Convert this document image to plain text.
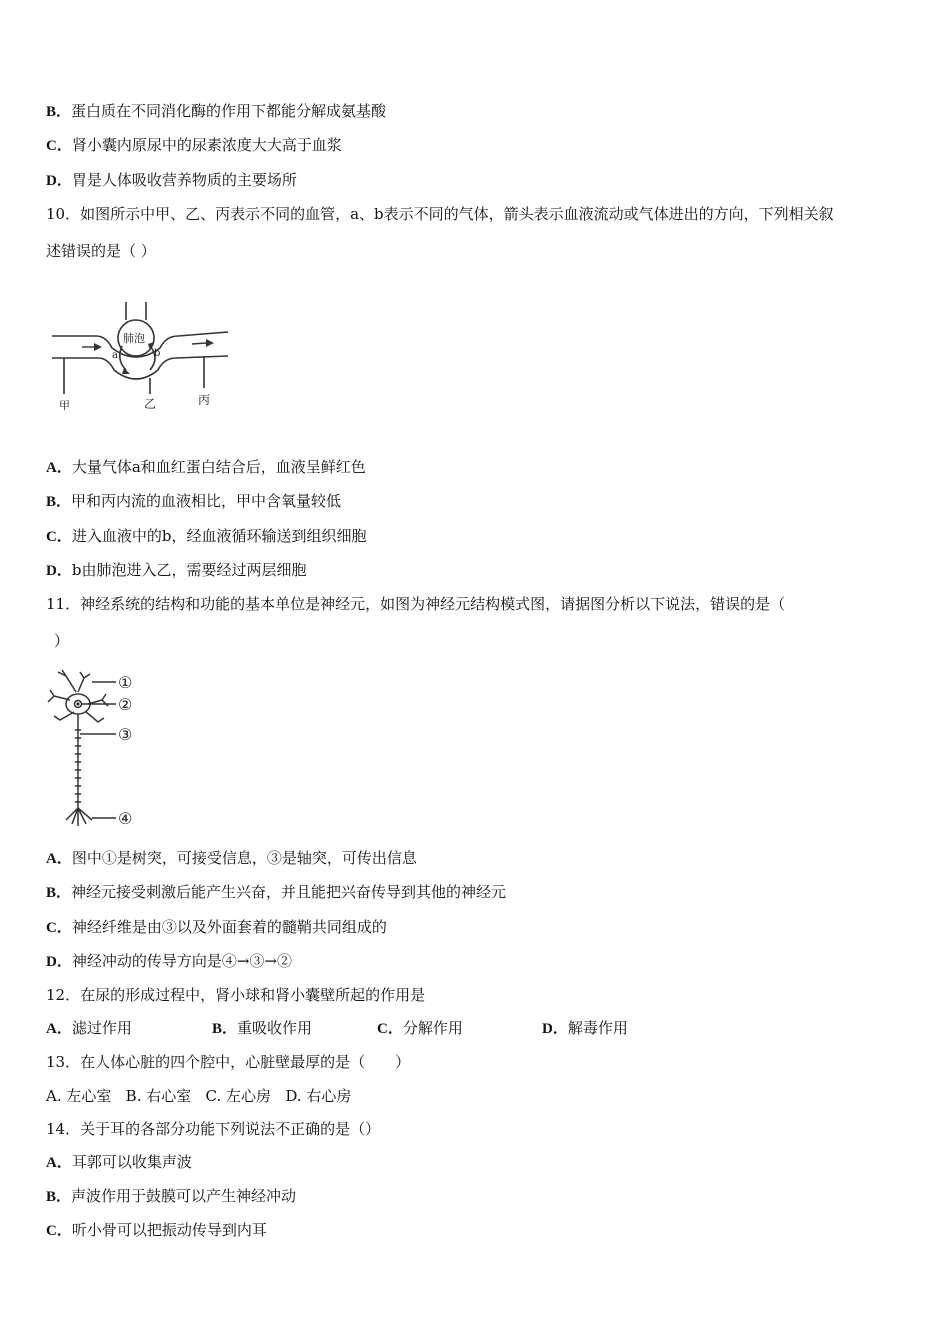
B．蛋白质在不同消化酶的作用下都能分解成氨基酸
C．肾小囊内原尿中的尿素浓度大大高于血浆
D．胃是人体吸收营养物质的主要场所
10．如图所示中甲、乙、丙表示不同的血管，a、b表示不同的气体，箭头表示血液流动或气体进出的方向，下列相关叙
述错误的是（ ）
肺泡
a	b
甲	乙	丙
A．大量气体a和血红蛋白结合后，血液呈鲜红色
B．甲和丙内流的血液相比，甲中含氧量较低
C．进入血液中的b，经血液循环输送到组织细胞
D．b由肺泡进入乙，需要经过两层细胞
11．神经系统的结构和功能的基本单位是神经元，如图为神经元结构模式图，请据图分析以下说法，错误的是（
）
①
②
③
④
A．图中①是树突，可接受信息，③是轴突，可传出信息
B．神经元接受刺激后能产生兴奋，并且能把兴奋传导到其他的神经元
C．神经纤维是由③以及外面套着的髓鞘共同组成的
D．神经冲动的传导方向是④→③→②
12．在尿的形成过程中，肾小球和肾小囊壁所起的作用是
A．滤过作用	B．重吸收作用	C．分解作用	D．解毒作用
13．在人体心脏的四个腔中，心脏壁最厚的是（　　）
A. 左心室   B. 右心室   C. 左心房   D. 右心房
14．关于耳的各部分功能下列说法不正确的是（）
A．耳郭可以收集声波
B．声波作用于鼓膜可以产生神经冲动
C．听小骨可以把振动传导到内耳
